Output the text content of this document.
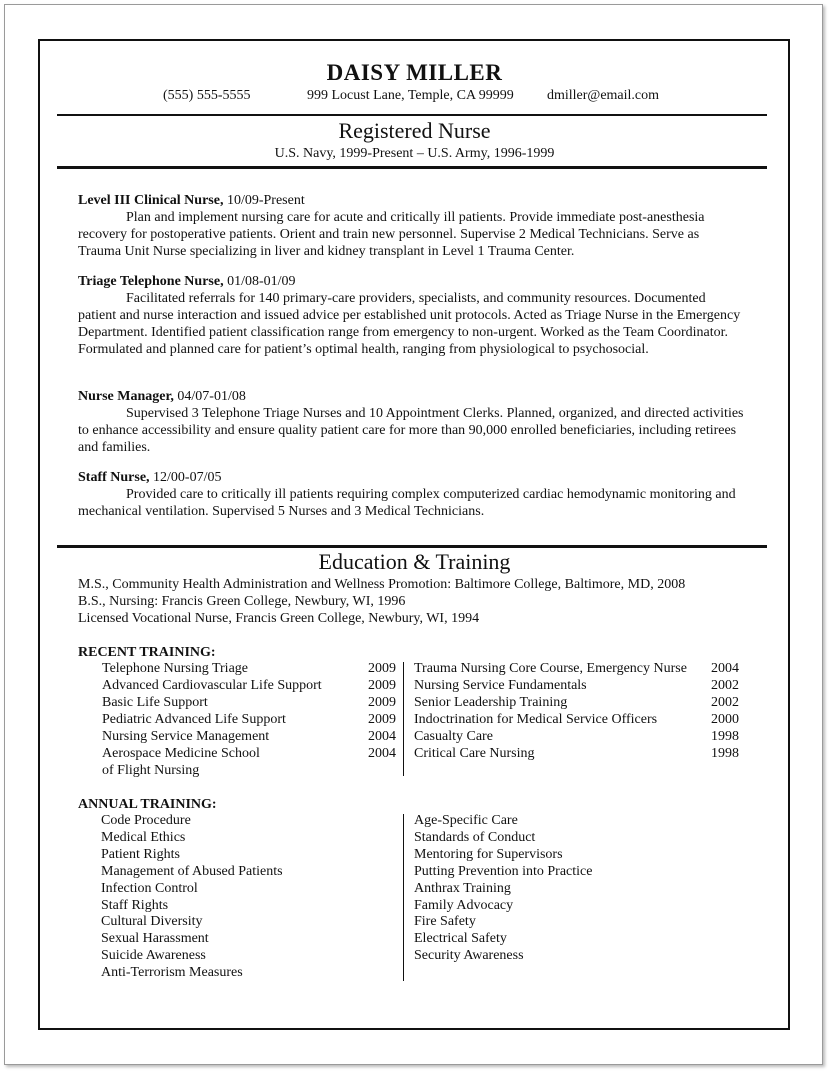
DAISY MILLER
(555) 555-5555	999 Locust Lane, Temple, CA 99999 dmiller@email.com
Registered Nurse
U.S. Navy, 1999-Present – U.S. Army, 1996-1999
Level III Clinical Nurse, 10/09-Present

Plan and implement nursing care for acute and critically ill patients. Provide immediate post-anesthesia recovery for postoperative patients. Orient and train new personnel. Supervise 2 Medical Technicians. Serve as Trauma Unit Nurse specializing in liver and kidney transplant in Level 1 Trauma Center.

Triage Telephone Nurse, 01/08-01/09

Facilitated referrals for 140 primary-care providers, specialists, and community resources. Documented patient and nurse interaction and issued advice per established unit protocols. Acted as Triage Nurse in the Emergency Department. Identified patient classification range from emergency to non-urgent. Worked as the Team Coordinator. Formulated and planned care for patient’s optimal health, ranging from physiological to psychosocial.

Nurse Manager, 04/07-01/08

Supervised 3 Telephone Triage Nurses and 10 Appointment Clerks. Planned, organized, and directed activities to enhance accessibility and ensure quality patient care for more than 90,000 enrolled beneficiaries, including retirees and families.

Staff Nurse, 12/00-07/05

Provided care to critically ill patients requiring complex computerized cardiac hemodynamic monitoring and mechanical ventilation. Supervised 5 Nurses and 3 Medical Technicians.

Education & Training
M.S., Community Health Administration and Wellness Promotion: Baltimore College, Baltimore, MD, 2008
B.S., Nursing: Francis Green College, Newbury, WI, 1996
Licensed Vocational Nurse, Francis Green College, Newbury, WI, 1994
RECENT TRAINING:
Telephone Nursing Triage	2009
Advanced Cardiovascular Life Support	2009
Basic Life Support	2009
Pediatric Advanced Life Support	2009
Nursing Service Management	2004
Aerospace Medicine School	2004
of Flight Nursing
Trauma Nursing Core Course, Emergency Nurse	2004
Nursing Service Fundamentals	2002
Senior Leadership Training	2002
Indoctrination for Medical Service Officers	2000
Casualty Care	1998
Critical Care Nursing	1998
ANNUAL TRAINING:
Code Procedure
Medical Ethics
Patient Rights
Management of Abused Patients
Infection Control
Staff Rights
Cultural Diversity
Sexual Harassment
Suicide Awareness
Anti-Terrorism Measures
Age-Specific Care
Standards of Conduct
Mentoring for Supervisors
Putting Prevention into Practice
Anthrax Training
Family Advocacy
Fire Safety
Electrical Safety
Security Awareness
